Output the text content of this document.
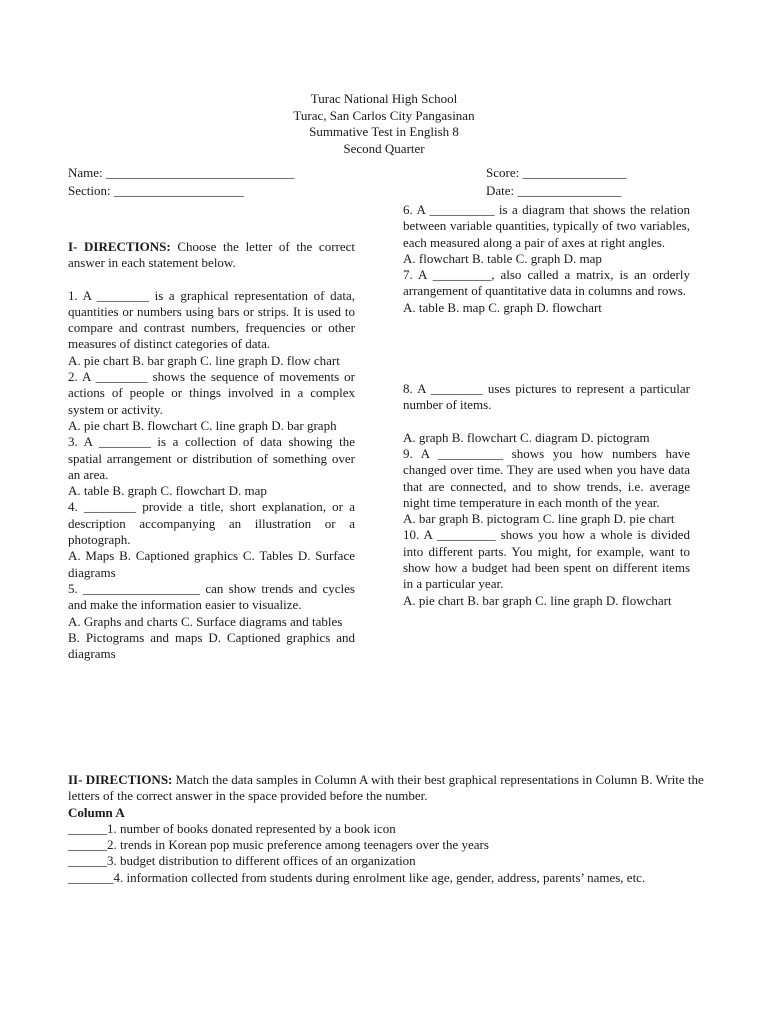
Turac National High School
Turac, San Carlos City Pangasinan
Summative Test in English 8
Second Quarter
Name: _____________________________
Section: ____________________
Score: ________________
Date: ________________

I- DIRECTIONS: Choose the letter of the correct answer in each statement below.

1. A ________ is a graphical representation of data, quantities or numbers using bars or strips. It is used to compare and contrast numbers, frequencies or other measures of distinct categories of data.

A. pie chart B. bar graph C. line graph D. flow chart

2. A ________ shows the sequence of movements or actions of people or things involved in a complex system or activity.

A. pie chart B. flowchart C. line graph D. bar graph

3. A ________ is a collection of data showing the spatial arrangement or distribution of something over an area.

A. table B. graph C. flowchart D. map

4. ________ provide a title, short explanation, or a description accompanying an illustration or a photograph.

A. Maps B. Captioned graphics C. Tables D. Surface diagrams

5. __________________ can show trends and cycles and make the information easier to visualize.

A. Graphs and charts C. Surface diagrams and tables

B. Pictograms and maps D. Captioned graphics and diagrams

6. A __________ is a diagram that shows the relation between variable quantities, typically of two variables, each measured along a pair of axes at right angles.

A. flowchart B. table C. graph D. map

7. A _________, also called a matrix, is an orderly arrangement of quantitative data in columns and rows.

A. table B. map C. graph D. flowchart

8. A ________ uses pictures to represent a particular number of items.

A. graph B. flowchart C. diagram D. pictogram

9. A __________ shows you how numbers have changed over time. They are used when you have data that are connected, and to show trends, i.e. average night time temperature in each month of the year.

A. bar graph B. pictogram C. line graph D. pie chart

10. A _________ shows you how a whole is divided into different parts. You might, for example, want to show how a budget had been spent on different items in a particular year.

A. pie chart B. bar graph C. line graph D. flowchart

II- DIRECTIONS: Match the data samples in Column A with their best graphical representations in Column B. Write the letters of the correct answer in the space provided before the number.

Column A

______1. number of books donated represented by a book icon

______2. trends in Korean pop music preference among teenagers over the years

______3. budget distribution to different offices of an organization

_______4. information collected from students during enrolment like age, gender, address, parents’ names, etc.
